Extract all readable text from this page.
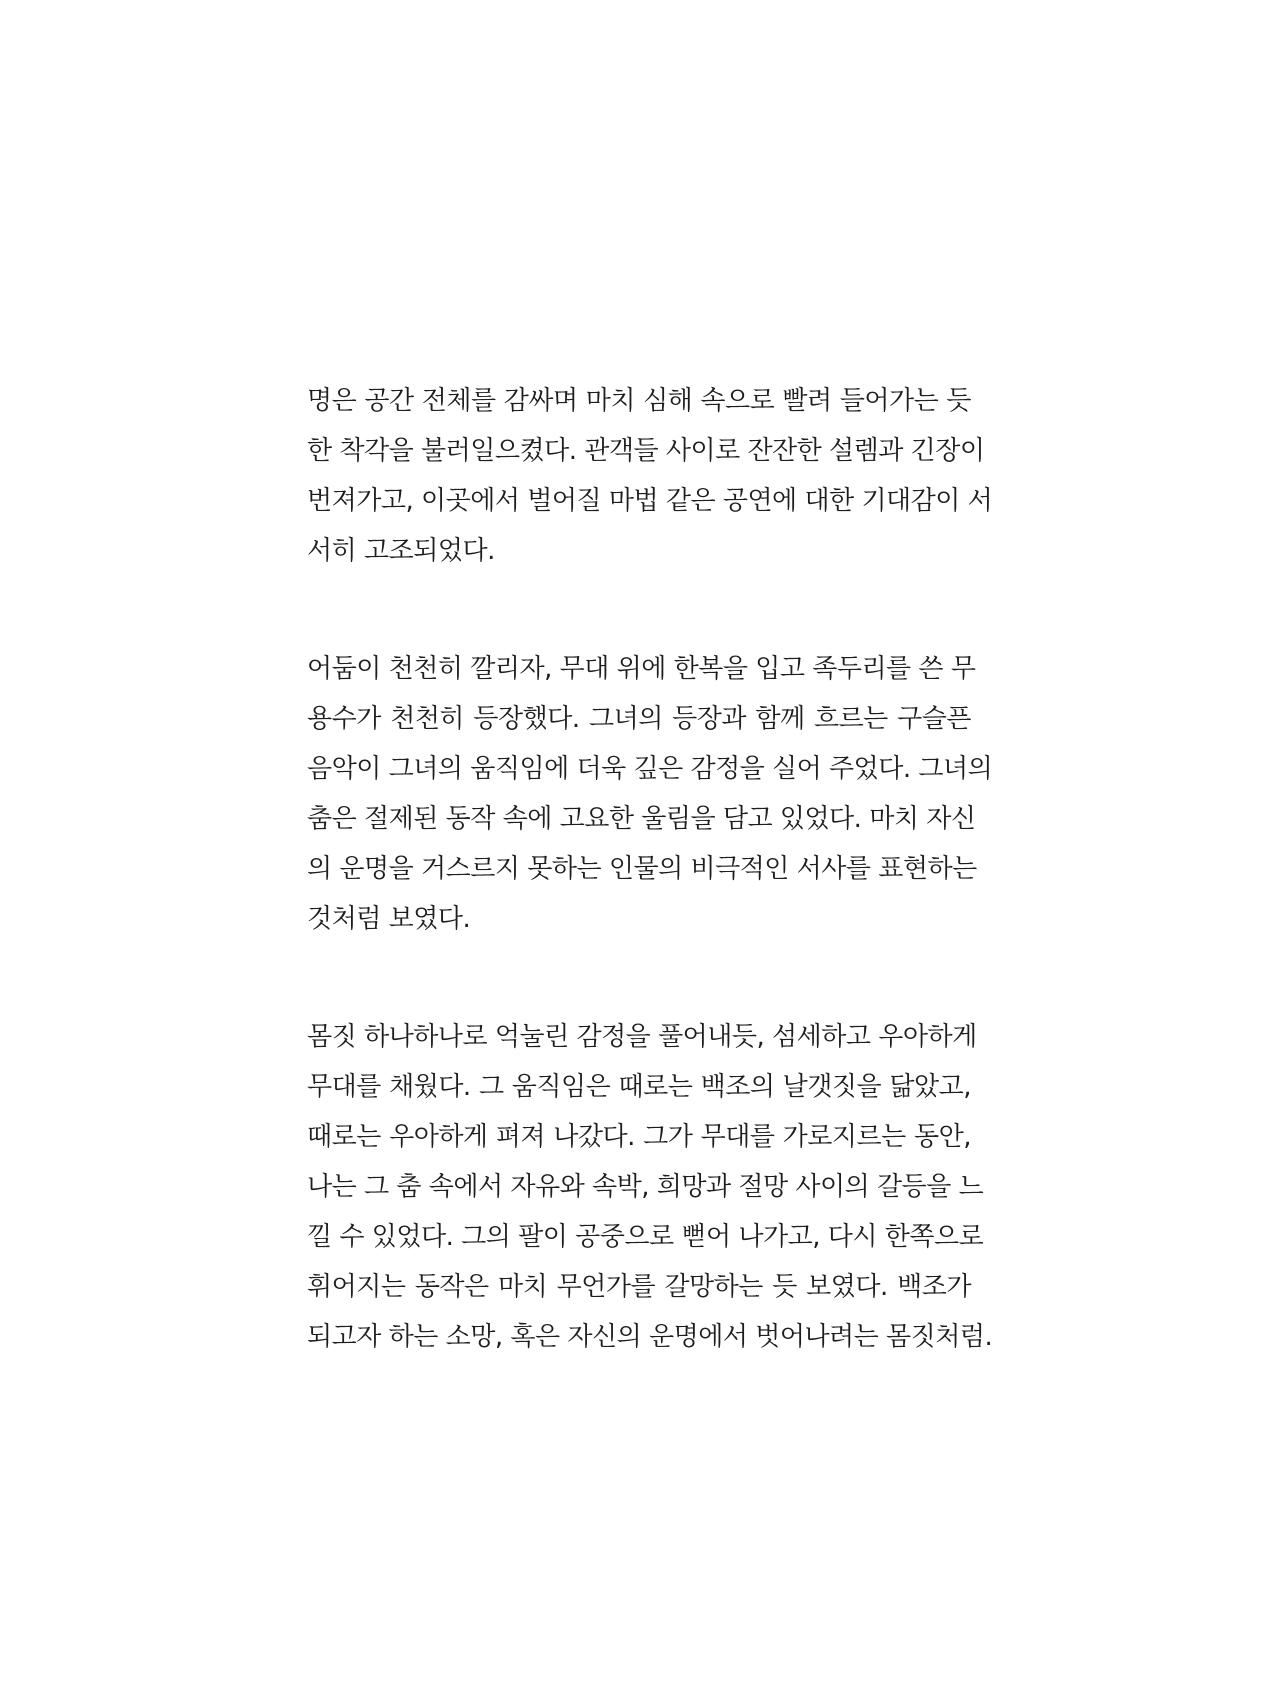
명은 공간 전체를 감싸며 마치 심해 속으로 빨려 들어가는 듯
한 착각을 불러일으켰다. 관객들 사이로 잔잔한 설렘과 긴장이
번져가고, 이곳에서 벌어질 마법 같은 공연에 대한 기대감이 서
서히 고조되었다.

어둠이 천천히 깔리자, 무대 위에 한복을 입고 족두리를 쓴 무
용수가 천천히 등장했다. 그녀의 등장과 함께 흐르는 구슬픈
음악이 그녀의 움직임에 더욱 깊은 감정을 실어 주었다. 그녀의
춤은 절제된 동작 속에 고요한 울림을 담고 있었다. 마치 자신
의 운명을 거스르지 못하는 인물의 비극적인 서사를 표현하는
것처럼 보였다.

몸짓 하나하나로 억눌린 감정을 풀어내듯, 섬세하고 우아하게
무대를 채웠다. 그 움직임은 때로는 백조의 날갯짓을 닮았고,
때로는 우아하게 펴져 나갔다. 그가 무대를 가로지르는 동안,
나는 그 춤 속에서 자유와 속박, 희망과 절망 사이의 갈등을 느
낄 수 있었다. 그의 팔이 공중으로 뻗어 나가고, 다시 한쪽으로
휘어지는 동작은 마치 무언가를 갈망하는 듯 보였다. 백조가
되고자 하는 소망, 혹은 자신의 운명에서 벗어나려는 몸짓처럼.
